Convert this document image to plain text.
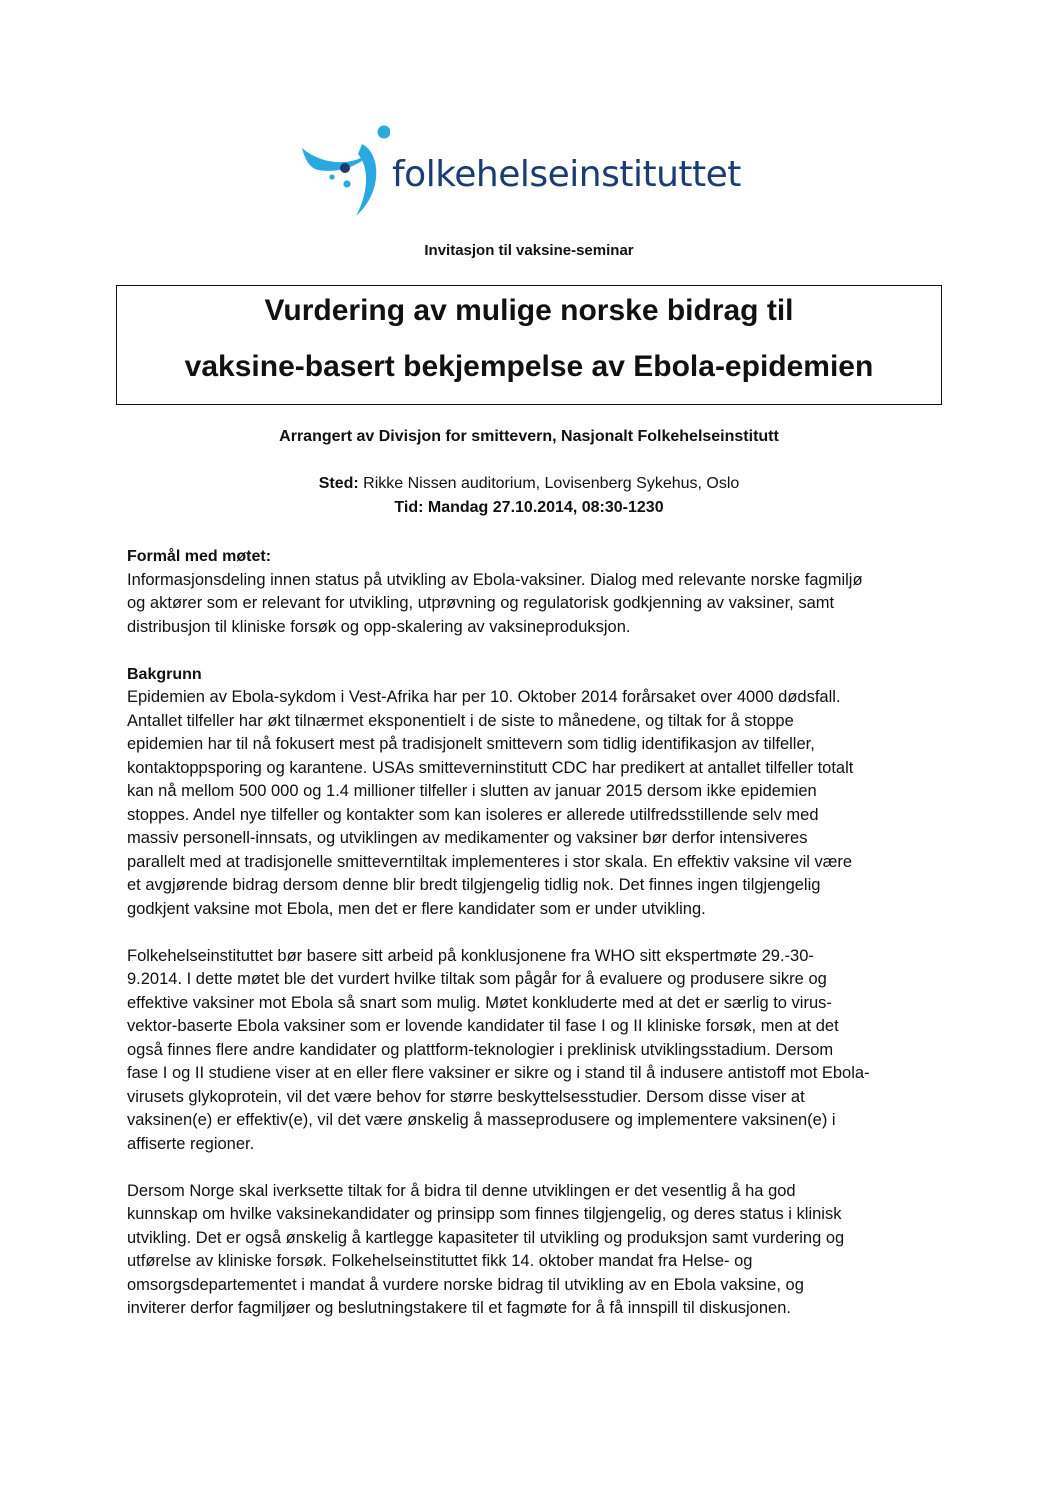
folkehelseinstituttet
Invitasjon til vaksine-seminar
Vurdering av mulige norske bidrag til
vaksine-basert bekjempelse av Ebola-epidemien
Arrangert av Divisjon for smittevern, Nasjonalt Folkehelseinstitutt
Sted: Rikke Nissen auditorium, Lovisenberg Sykehus, Oslo
Tid: Mandag 27.10.2014, 08:30-1230
Formål med møtet:
Informasjonsdeling innen status på utvikling av Ebola-vaksiner. Dialog med relevante norske fagmiljø
og aktører som er relevant for utvikling, utprøvning og regulatorisk godkjenning av vaksiner, samt
distribusjon til kliniske forsøk og opp-skalering av vaksineproduksjon.
Bakgrunn
Epidemien av Ebola-sykdom i Vest-Afrika har per 10. Oktober 2014 forårsaket over 4000 dødsfall.
Antallet tilfeller har økt tilnærmet eksponentielt i de siste to månedene, og tiltak for å stoppe
epidemien har til nå fokusert mest på tradisjonelt smittevern som tidlig identifikasjon av tilfeller,
kontaktoppsporing og karantene. USAs smitteverninstitutt CDC har predikert at antallet tilfeller totalt
kan nå mellom 500 000 og 1.4 millioner tilfeller i slutten av januar 2015 dersom ikke epidemien
stoppes. Andel nye tilfeller og kontakter som kan isoleres er allerede utilfredsstillende selv med
massiv personell-innsats, og utviklingen av medikamenter og vaksiner bør derfor intensiveres
parallelt med at tradisjonelle smitteverntiltak implementeres i stor skala. En effektiv vaksine vil være
et avgjørende bidrag dersom denne blir bredt tilgjengelig tidlig nok. Det finnes ingen tilgjengelig
godkjent vaksine mot Ebola, men det er flere kandidater som er under utvikling.
Folkehelseinstituttet bør basere sitt arbeid på konklusjonene fra WHO sitt ekspertmøte 29.-30-
9.2014. I dette møtet ble det vurdert hvilke tiltak som pågår for å evaluere og produsere sikre og
effektive vaksiner mot Ebola så snart som mulig. Møtet konkluderte med at det er særlig to virus-
vektor-baserte Ebola vaksiner som er lovende kandidater til fase I og II kliniske forsøk, men at det
også finnes flere andre kandidater og plattform-teknologier i preklinisk utviklingsstadium. Dersom
fase I og II studiene viser at en eller flere vaksiner er sikre og i stand til å indusere antistoff mot Ebola-
virusets glykoprotein, vil det være behov for større beskyttelsesstudier. Dersom disse viser at
vaksinen(e) er effektiv(e), vil det være ønskelig å masseprodusere og implementere vaksinen(e) i
affiserte regioner.
Dersom Norge skal iverksette tiltak for å bidra til denne utviklingen er det vesentlig å ha god
kunnskap om hvilke vaksinekandidater og prinsipp som finnes tilgjengelig, og deres status i klinisk
utvikling. Det er også ønskelig å kartlegge kapasiteter til utvikling og produksjon samt vurdering og
utførelse av kliniske forsøk. Folkehelseinstituttet fikk 14. oktober mandat fra Helse- og
omsorgsdepartementet i mandat å vurdere norske bidrag til utvikling av en Ebola vaksine, og
inviterer derfor fagmiljøer og beslutningstakere til et fagmøte for å få innspill til diskusjonen.
